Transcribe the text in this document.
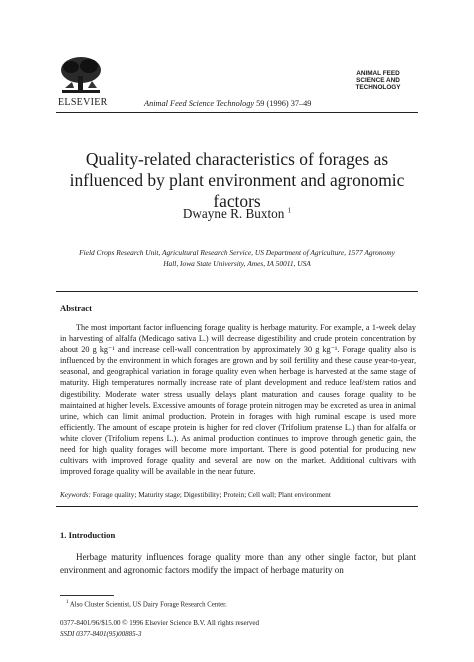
ELSEVIER	Animal Feed Science Technology 59 (1996) 37–49
ANIMAL FEED
SCIENCE AND
TECHNOLOGY
Quality-related characteristics of forages as influenced by plant environment and agronomic factors
Dwayne R. Buxton $^1$
Field Crops Research Unit, Agricultural Research Service, US Department of Agriculture, 1577 Agronomy
Hall, Iowa State University, Ames, IA 50011, USA
Abstract

The most important factor influencing forage quality is herbage maturity. For example, a 1-week delay in harvesting of alfalfa (Medicago sativa L.) will decrease digestibility and crude protein concentration by about 20 g kg⁻¹ and increase cell-wall concentration by approximately 30 g kg⁻¹. Forage quality also is influenced by the environment in which forages are grown and by soil fertility and these cause year-to-year, seasonal, and geographical variation in forage quality even when herbage is harvested at the same stage of maturity. High temperatures normally increase rate of plant development and reduce leaf/stem ratios and digestibility. Moderate water stress usually delays plant maturation and causes forage quality to be maintained at higher levels. Excessive amounts of forage protein nitrogen may be excreted as urea in animal urine, which can limit animal production. Protein in forages with high ruminal escape is used more efficiently. The amount of escape protein is higher for red clover (Trifolium pratense L.) than for alfalfa or white clover (Trifolium repens L.). As animal production continues to improve through genetic gain, the need for high quality forages will become more important. There is good potential for producing new cultivars with improved forage quality and several are now on the market. Additional cultivars with improved forage quality will be available in the near future.

Keywords: Forage quality; Maturity stage; Digestibility; Protein; Cell wall; Plant environment
1. Introduction

Herbage maturity influences forage quality more than any other single factor, but plant environment and agronomic factors modify the impact of herbage maturity on

$^1$ Also Cluster Scientist, US Dairy Forage Research Center.
0377-8401/96/$15.00 © 1996 Elsevier Science B.V. All rights reserved
SSDI 0377-8401(95)00885-3
